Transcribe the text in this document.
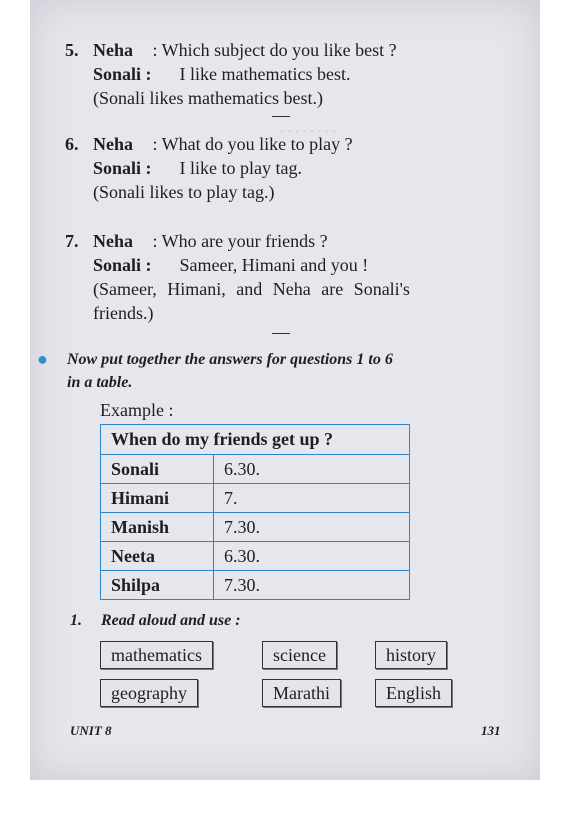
. . . . . . . .
5. Neha : Which subject do you like best ?
Sonali : I like mathematics best.
(Sonali likes mathematics best.)
6. Neha : What do you like to play ?
Sonali : I like to play tag.
(Sonali likes to play tag.)
7. Neha : Who are your friends ?
Sonali : Sameer, Himani and you !
(Sameer, Himani, and Neha are Sonali's
friends.)
● Now put together the answers for questions 1 to 6
in a table.
Example :
When do my friends get up ?	
Sonali	6.30.
Himani	7.
Manish	7.30.
Neeta	6.30.
Shilpa	7.30.
1. Read aloud and use :
mathematics	science	history
geography	Marathi	English
UNIT 8	131
